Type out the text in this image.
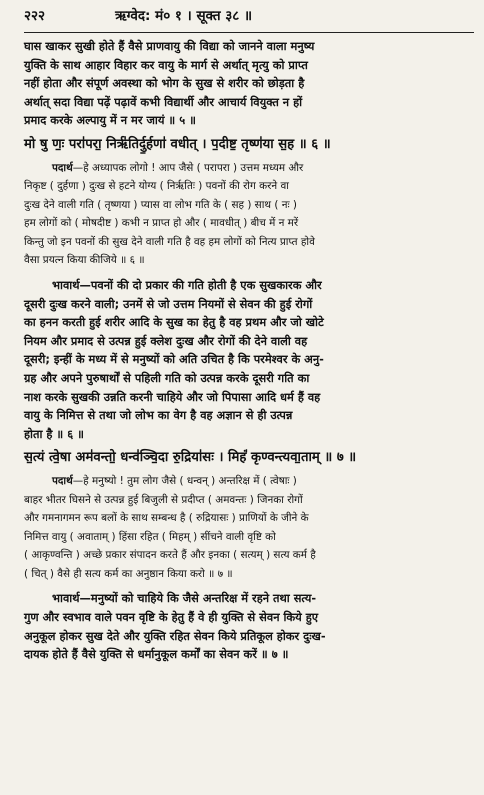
२२२	ऋग्वेद: मं० १ । सूक्त ३८ ॥

घास खाकर सुखी होते हैं वैसे प्राणवायु की विद्या को जानने वाला मनुष्य

युक्ति के साथ आहार विहार कर वायु के मार्ग से अर्थात् मृत्यु को प्राप्त

नहीं होता और संपूर्ण अवस्था को भोग के सुख से शरीर को छोड़ता है

अर्थात् सदा विद्या पढ़ें पढ़ावें कभी विद्यार्थी और आचार्य वियुक्त न हों

प्रमाद करके अल्पायु में न मर जायं ॥ ५ ॥

मो षु णः॒ परा॑परा॒ निर्ऋ॑तिर्दु॒र्हणा॑ वधीत् । प॒दीष्ट॒ तृष्ण॑या स॒ह ॥ ६ ॥

पदार्थ—हे अध्यापक लोगो ! आप जैसे ( परापरा ) उत्तम मध्यम और

निकृष्ट ( दुर्हणा ) दुःख से हटने योग्य ( निर्ऋतिः ) पवनों की रोग करने वा

दुःख देने वाली गति ( तृष्णया ) प्यास वा लोभ गति के ( सह ) साथ ( नः )

हम लोगों को ( मोषदीष्ट ) कभी न प्राप्त हो और ( मावधीत् ) बीच में न मरें

किन्तु जो इन पवनों की सुख देने वाली गति है वह हम लोगों को नित्य प्राप्त होवे

वैसा प्रयत्न किया कीजिये ॥ ६ ॥

भावार्थ—पवनों की दो प्रकार की गति होती है एक सुखकारक और

दूसरी दुःख करने वाली; उनमें से जो उत्तम नियमों से सेवन की हुई रोगों

का हनन करती हुई शरीर आदि के सुख का हेतु है वह प्रथम और जो खोटे

नियम और प्रमाद से उत्पन्न हुई क्लेश दुःख और रोगों की देने वाली वह

दूसरी; इन्हीं के मध्य में से मनुष्यों को अति उचित है कि परमेश्वर के अनु-

ग्रह और अपने पुरुषार्थों से पहिली गति को उत्पन्न करके दूसरी गति का

नाश करके सुखकी उन्नति करनी चाहिये और जो पिपासा आदि धर्म हैं वह

वायु के निमित्त से तथा जो लोभ का वेग है वह अज्ञान से ही उत्पन्न

होता है ॥ ६ ॥

स॒त्यं त्वे॒षा अम॑वन्तो॒ धन्व॑ञ्चि॒दा रु॒द्रिया॑सः । मिहं॑ कृण्वन्त्यवा॒ताम् ॥ ७ ॥

पदार्थ—हे मनुष्यो ! तुम लोग जैसे ( धन्वन् ) अन्तरिक्ष में ( त्वेषाः )

बाहर भीतर घिसने से उत्पन्न हुई बिजुली से प्रदीप्त ( अमवन्तः ) जिनका रोगों

और गमनागमन रूप बलों के साथ सम्बन्ध है ( रुद्रियासः ) प्राणियों के जीने के

निमित्त वायु ( अवाताम् ) हिंसा रहित ( मिहम् ) सींचने वाली वृष्टि को

( आकृण्वन्ति ) अच्छे प्रकार संपादन करते हैं और इनका ( सत्यम् ) सत्य कर्म है

( चित् ) वैसे ही सत्य कर्म का अनुष्ठान किया करो ॥ ७ ॥

भावार्थ—मनुष्यों को चाहिये कि जैसे अन्तरिक्ष में रहने तथा सत्य-

गुण और स्वभाव वाले पवन वृष्टि के हेतु हैं वे ही युक्ति से सेवन किये हुए

अनुकूल होकर सुख देते और युक्ति रहित सेवन किये प्रतिकूल होकर दुःख-

दायक होते हैं वैसे युक्ति से धर्मानुकूल कर्मों का सेवन करें ॥ ७ ॥
